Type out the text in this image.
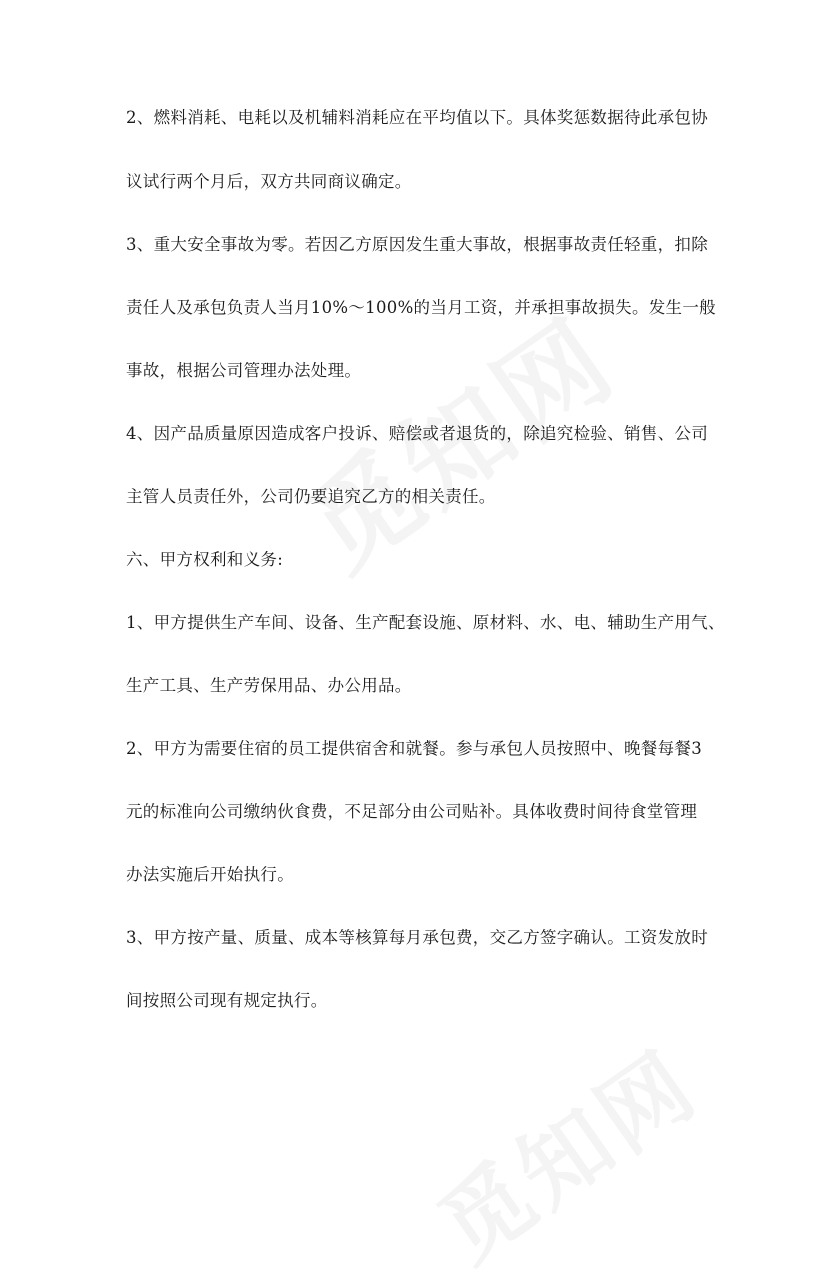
2、燃料消耗、电耗以及机辅料消耗应在平均值以下。具体奖惩数据待此承包协
议试行两个月后，双方共同商议确定。
3、重大安全事故为零。若因乙方原因发生重大事故，根据事故责任轻重，扣除
责任人及承包负责人当月10%～100%的当月工资，并承担事故损失。发生一般
事故，根据公司管理办法处理。
4、因产品质量原因造成客户投诉、赔偿或者退货的，除追究检验、销售、公司
主管人员责任外，公司仍要追究乙方的相关责任。
六、甲方权利和义务:
1、甲方提供生产车间、设备、生产配套设施、原材料、水、电、辅助生产用气、
生产工具、生产劳保用品、办公用品。
2、甲方为需要住宿的员工提供宿舍和就餐。参与承包人员按照中、晚餐每餐3
元的标准向公司缴纳伙食费，不足部分由公司贴补。具体收费时间待食堂管理
办法实施后开始执行。
3、甲方按产量、质量、成本等核算每月承包费，交乙方签字确认。工资发放时
间按照公司现有规定执行。
